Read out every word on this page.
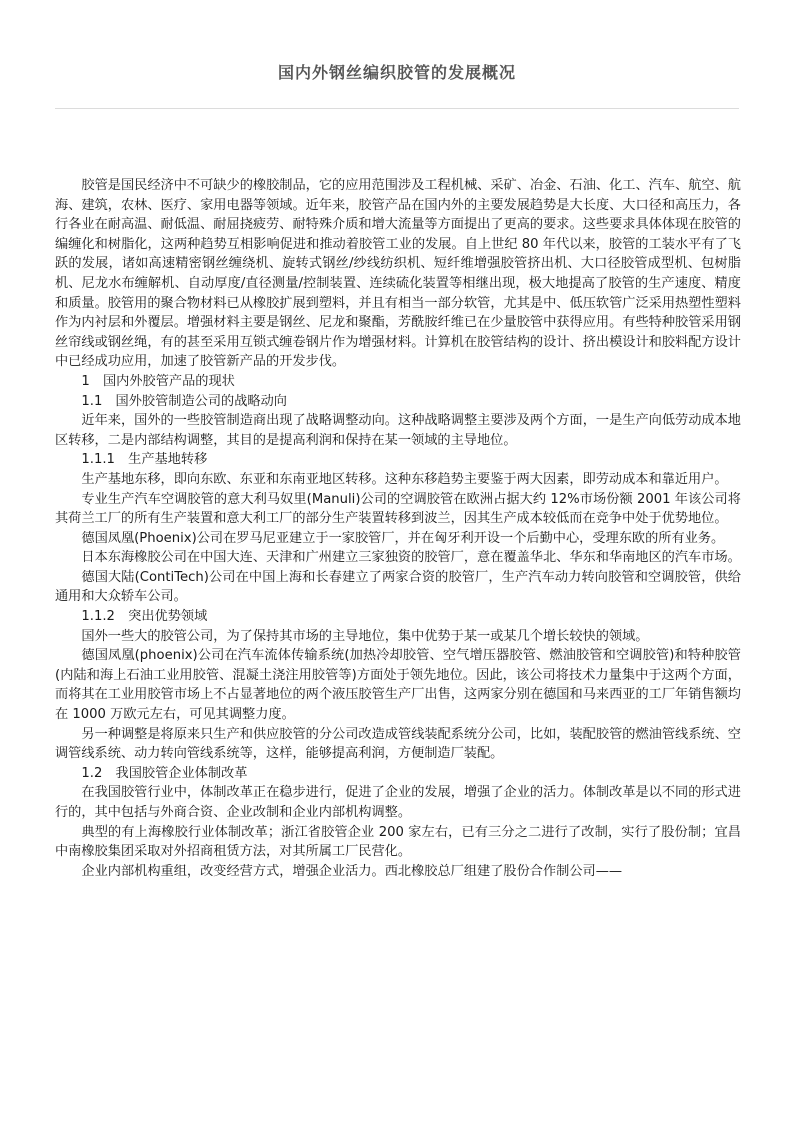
国内外钢丝编织胶管的发展概况

胶管是国民经济中不可缺少的橡胶制品，它的应用范围涉及工程机械、采矿、冶金、石油、化工、汽车、航空、航海、建筑，农林、医疗、家用电器等领域。近年来，胶管产品在国内外的主要发展趋势是大长度、大口径和高压力，各行各业在耐高温、耐低温、耐屈挠疲劳、耐特殊介质和增大流量等方面提出了更高的要求。这些要求具体体现在胶管的编缠化和树脂化，这两种趋势互相影响促进和推动着胶管工业的发展。自上世纪 80 年代以来，胶管的工装水平有了飞跃的发展，诸如高速精密钢丝缠绕机、旋转式钢丝/纱线纺织机、短纤维增强胶管挤出机、大口径胶管成型机、包树脂机、尼龙水布缠解机、自动厚度/直径测量/控制装置、连续硫化装置等相继出现，极大地提高了胶管的生产速度、精度和质量。胶管用的聚合物材料已从橡胶扩展到塑料，并且有相当一部分软管，尤其是中、低压软管广泛采用热塑性塑料作为内衬层和外覆层。增强材料主要是钢丝、尼龙和聚酯，芳酰胺纤维已在少量胶管中获得应用。有些特种胶管采用钢丝帘线或钢丝绳，有的甚至采用互锁式缠卷钢片作为增强材料。计算机在胶管结构的设计、挤出模设计和胶料配方设计中已经成功应用，加速了胶管新产品的开发步伐。

1　国内外胶管产品的现状

1.1　国外胶管制造公司的战略动向

近年来，国外的一些胶管制造商出现了战略调整动向。这种战略调整主要涉及两个方面，一是生产向低劳动成本地区转移，二是内部结构调整，其目的是提高利润和保持在某一领域的主导地位。

1.1.1　生产基地转移

生产基地东移，即向东欧、东亚和东南亚地区转移。这种东移趋势主要鉴于两大因素，即劳动成本和靠近用户。

专业生产汽车空调胶管的意大利马奴里(Manuli)公司的空调胶管在欧洲占据大约 12%市场份额 2001 年该公司将其荷兰工厂的所有生产装置和意大利工厂的部分生产装置转移到波兰，因其生产成本较低而在竞争中处于优势地位。

德国凤凰(Phoenix)公司在罗马尼亚建立于一家胶管厂，并在匈牙利开设一个后勤中心，受理东欧的所有业务。

日本东海橡胶公司在中国大连、天津和广州建立三家独资的胶管厂，意在覆盖华北、华东和华南地区的汽车市场。

德国大陆(ContiTech)公司在中国上海和长春建立了两家合资的胶管厂，生产汽车动力转向胶管和空调胶管，供给通用和大众轿车公司。

1.1.2　突出优势领域

国外一些大的胶管公司，为了保持其市场的主导地位，集中优势于某一或某几个增长较快的领域。

德国凤凰(phoenix)公司在汽车流体传输系统(加热冷却胶管、空气增压器胶管、燃油胶管和空调胶管)和特种胶管(内陆和海上石油工业用胶管、混凝土浇注用胶管等)方面处于领先地位。因此，该公司将技术力量集中于这两个方面，而将其在工业用胶管市场上不占显著地位的两个液压胶管生产厂出售，这两家分别在德国和马来西亚的工厂年销售额均在 1000 万欧元左右，可见其调整力度。

另一种调整是将原来只生产和供应胶管的分公司改造成管线装配系统分公司，比如，装配胶管的燃油管线系统、空调管线系统、动力转向管线系统等，这样，能够提高利润，方便制造厂装配。

1.2　我国胶管企业体制改革

在我国胶管行业中，体制改革正在稳步进行，促进了企业的发展，增强了企业的活力。体制改革是以不同的形式进行的，其中包括与外商合资、企业改制和企业内部机构调整。

典型的有上海橡胶行业体制改革；浙江省胶管企业 200 家左右，已有三分之二进行了改制，实行了股份制；宜昌中南橡胶集团采取对外招商租赁方法，对其所属工厂民营化。

企业内部机构重组，改变经营方式，增强企业活力。西北橡胶总厂组建了股份合作制公司——
